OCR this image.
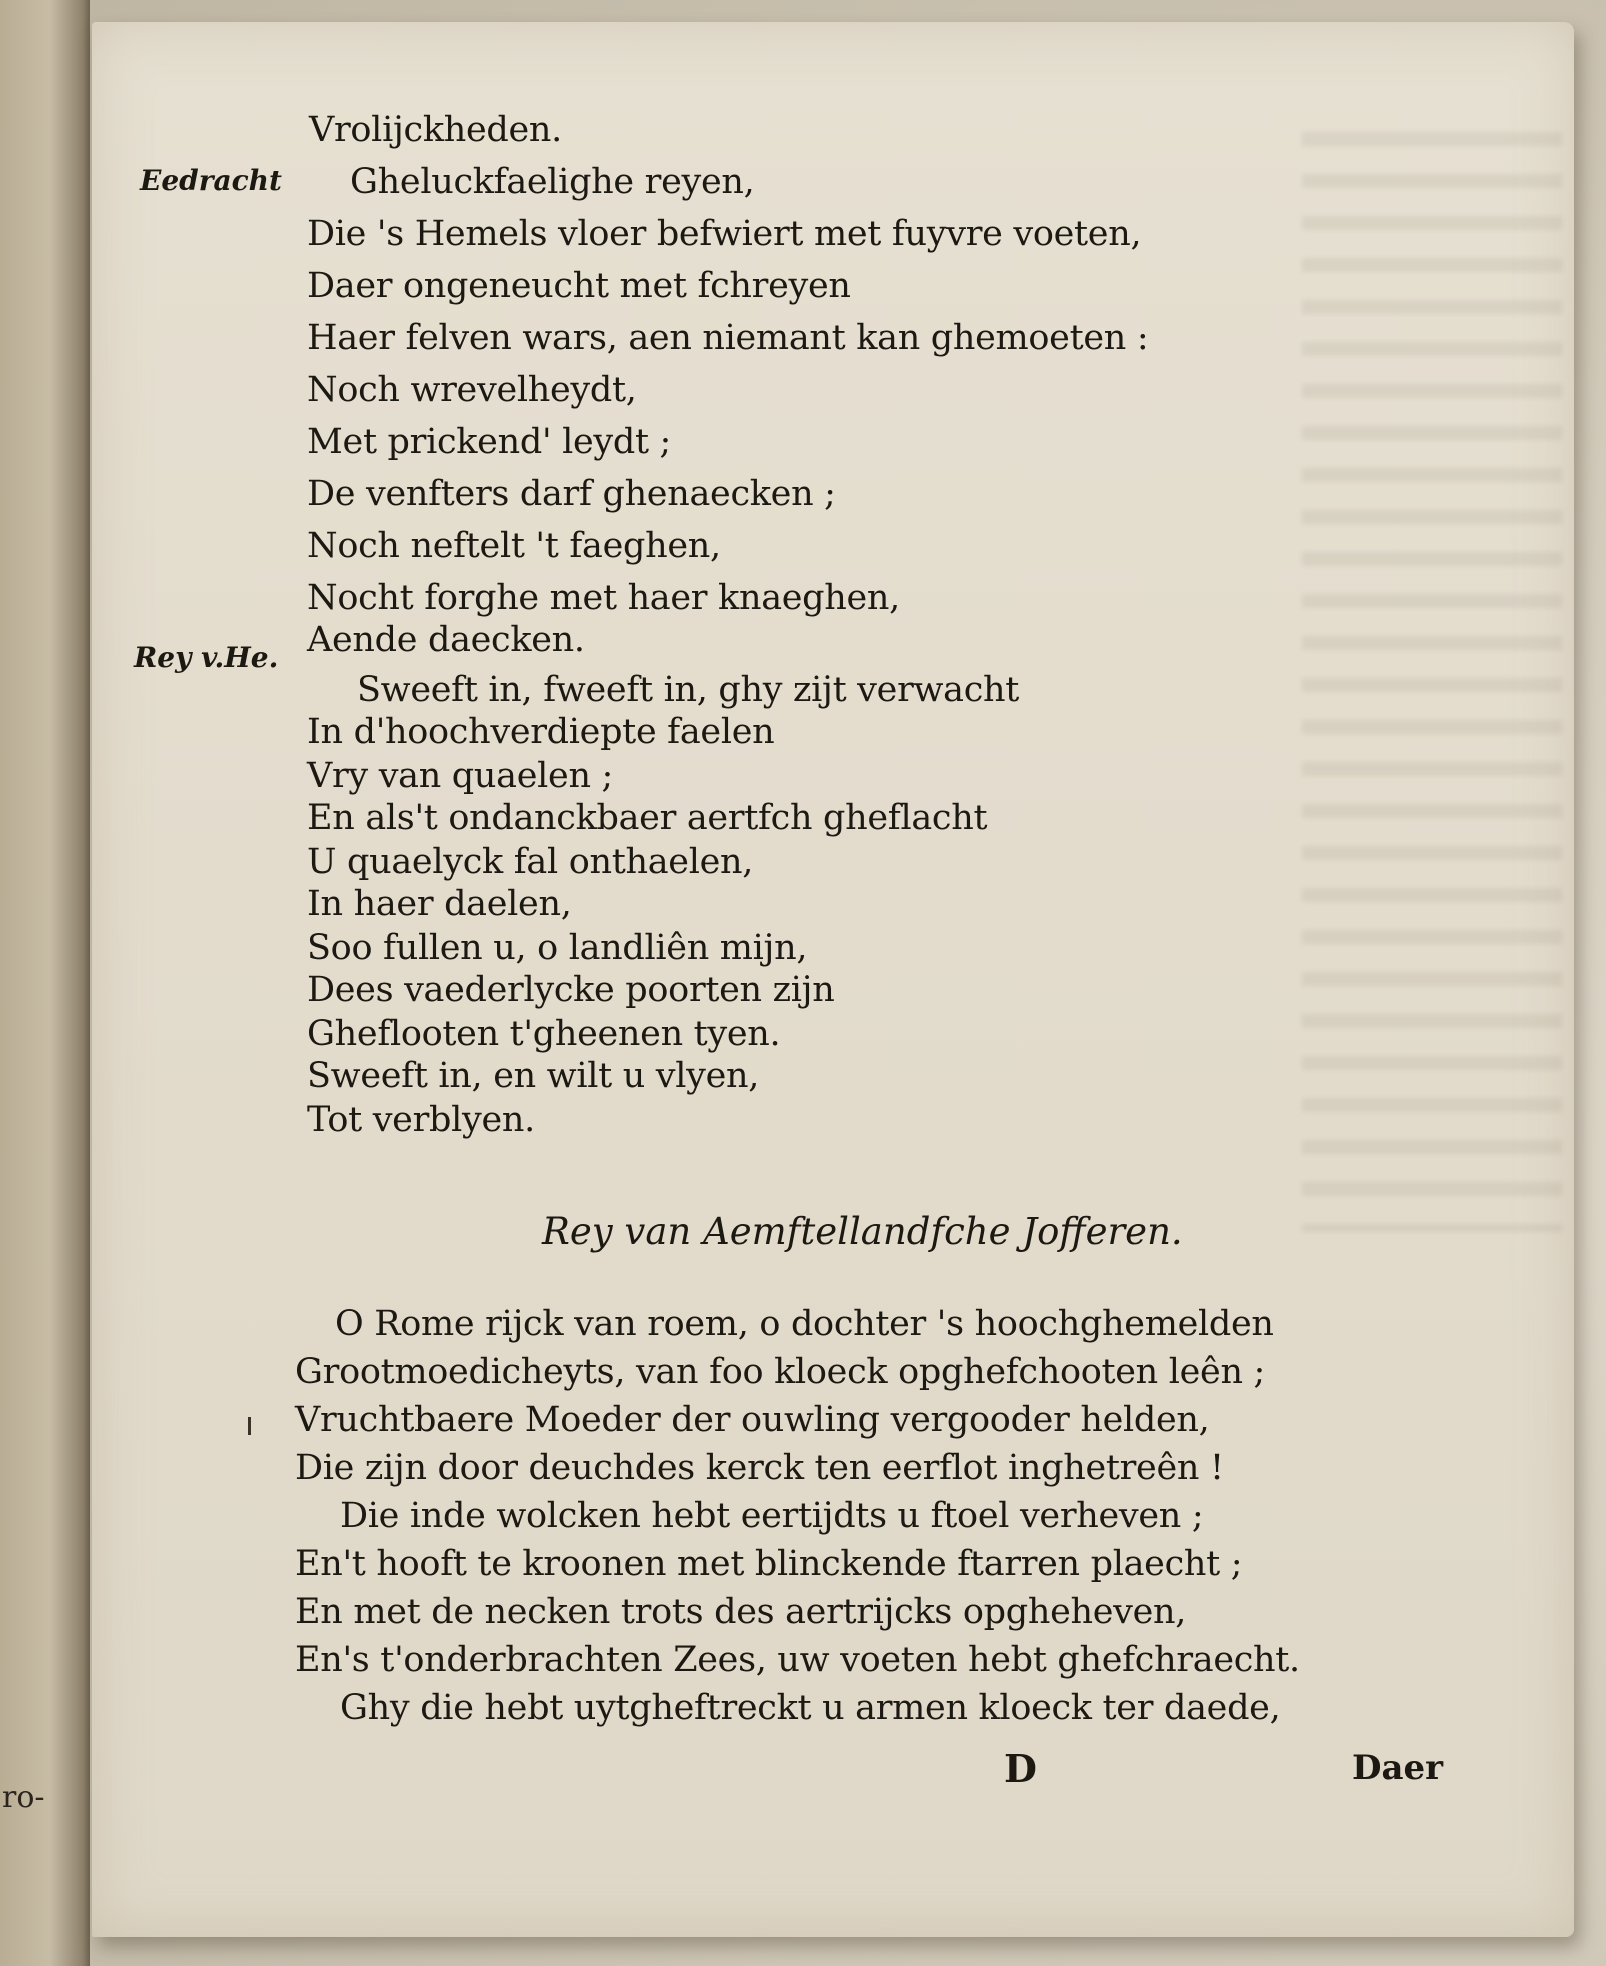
ro-
Eedracht
Rey v.He.
Vrolijckheden.
Gheluckfaelighe reyen,
Die 's Hemels vloer befwiert met fuyvre voeten,
Daer ongeneucht met fchreyen
Haer felven wars, aen niemant kan ghemoeten :
Noch wrevelheydt,
Met prickend' leydt ;
De venfters darf ghenaecken ;
Noch neftelt 't faeghen,
Nocht forghe met haer knaeghen,
Aende daecken.
Sweeft in, fweeft in, ghy zijt verwacht
In d'hoochverdiepte faelen
Vry van quaelen ;
En als't ondanckbaer aertfch gheflacht
U quaelyck fal onthaelen,
In haer daelen,
Soo fullen u, o landliên mijn,
Dees vaederlycke poorten zijn
Gheflooten t'gheenen tyen.
Sweeft in, en wilt u vlyen,
Tot verblyen.
Rey van Aemftellandfche Jofferen.
O Rome rijck van roem, o dochter 's hoochghemelden
Grootmoedicheyts, van foo kloeck opghefchooten leên ;
Vruchtbaere Moeder der ouwling vergooder helden,
Die zijn door deuchdes kerck ten eerflot inghetreên !
Die inde wolcken hebt eertijdts u ftoel verheven ;
En't hooft te kroonen met blinckende ftarren plaecht ;
En met de necken trots des aertrijcks opgheheven,
En's t'onderbrachten Zees, uw voeten hebt ghefchraecht.
Ghy die hebt uytgheftreckt u armen kloeck ter daede,
D	Daer
